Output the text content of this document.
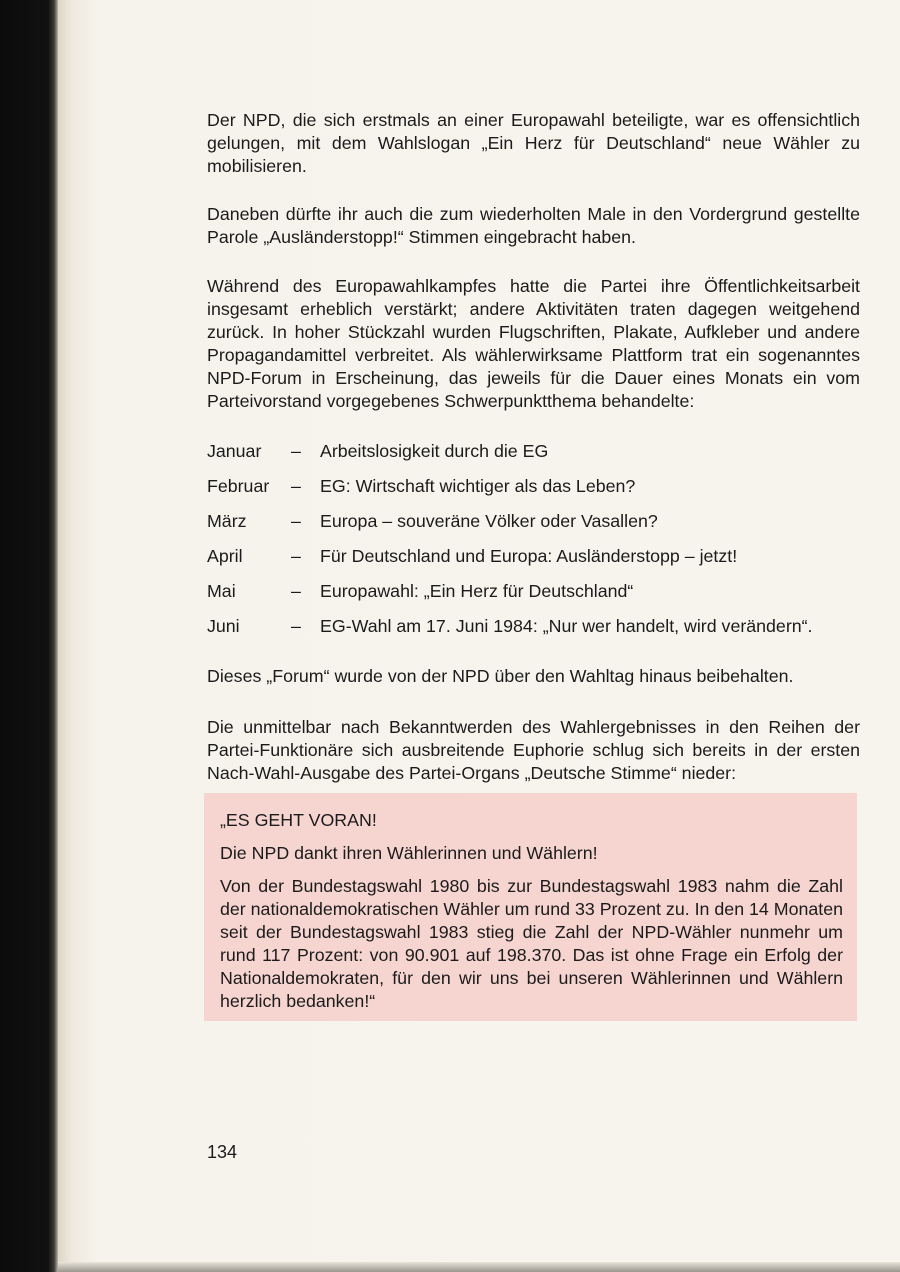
Der NPD, die sich erstmals an einer Europawahl beteiligte, war es offensichtlich gelungen, mit dem Wahlslogan „Ein Herz für Deutschland“ neue Wähler zu mobilisieren.

Daneben dürfte ihr auch die zum wiederholten Male in den Vordergrund gestellte Parole „Ausländerstopp!“ Stimmen eingebracht haben.

Während des Europawahlkampfes hatte die Partei ihre Öffentlichkeitsarbeit insgesamt erheblich verstärkt; andere Aktivitäten traten dagegen weitgehend zurück. In hoher Stückzahl wurden Flugschriften, Plakate, Aufkleber und andere Propagandamittel verbreitet. Als wählerwirksame Plattform trat ein sogenanntes NPD-Forum in Erscheinung, das jeweils für die Dauer eines Monats ein vom Parteivorstand vorgegebenes Schwerpunktthema behandelte:

Januar	–	Arbeitslosigkeit durch die EG
Februar	–	EG: Wirtschaft wichtiger als das Leben?
März	–	Europa – souveräne Völker oder Vasallen?
April	–	Für Deutschland und Europa: Ausländerstopp – jetzt!
Mai	–	Europawahl: „Ein Herz für Deutschland“
Juni	–	EG-Wahl am 17. Juni 1984: „Nur wer handelt, wird verändern“.

Dieses „Forum“ wurde von der NPD über den Wahltag hinaus beibehalten.

Die unmittelbar nach Bekanntwerden des Wahlergebnisses in den Reihen der Partei-Funktionäre sich ausbreitende Euphorie schlug sich bereits in der ersten Nach-Wahl-Ausgabe des Partei-Organs „Deutsche Stimme“ nieder:

„ES GEHT VORAN!

Die NPD dankt ihren Wählerinnen und Wählern!

Von der Bundestagswahl 1980 bis zur Bundestagswahl 1983 nahm die Zahl der nationaldemokratischen Wähler um rund 33 Prozent zu. In den 14 Monaten seit der Bundestagswahl 1983 stieg die Zahl der NPD-Wähler nunmehr um rund 117 Prozent: von 90.901 auf 198.370. Das ist ohne Frage ein Erfolg der Nationaldemokraten, für den wir uns bei unseren Wählerinnen und Wählern herzlich bedanken!“

134
